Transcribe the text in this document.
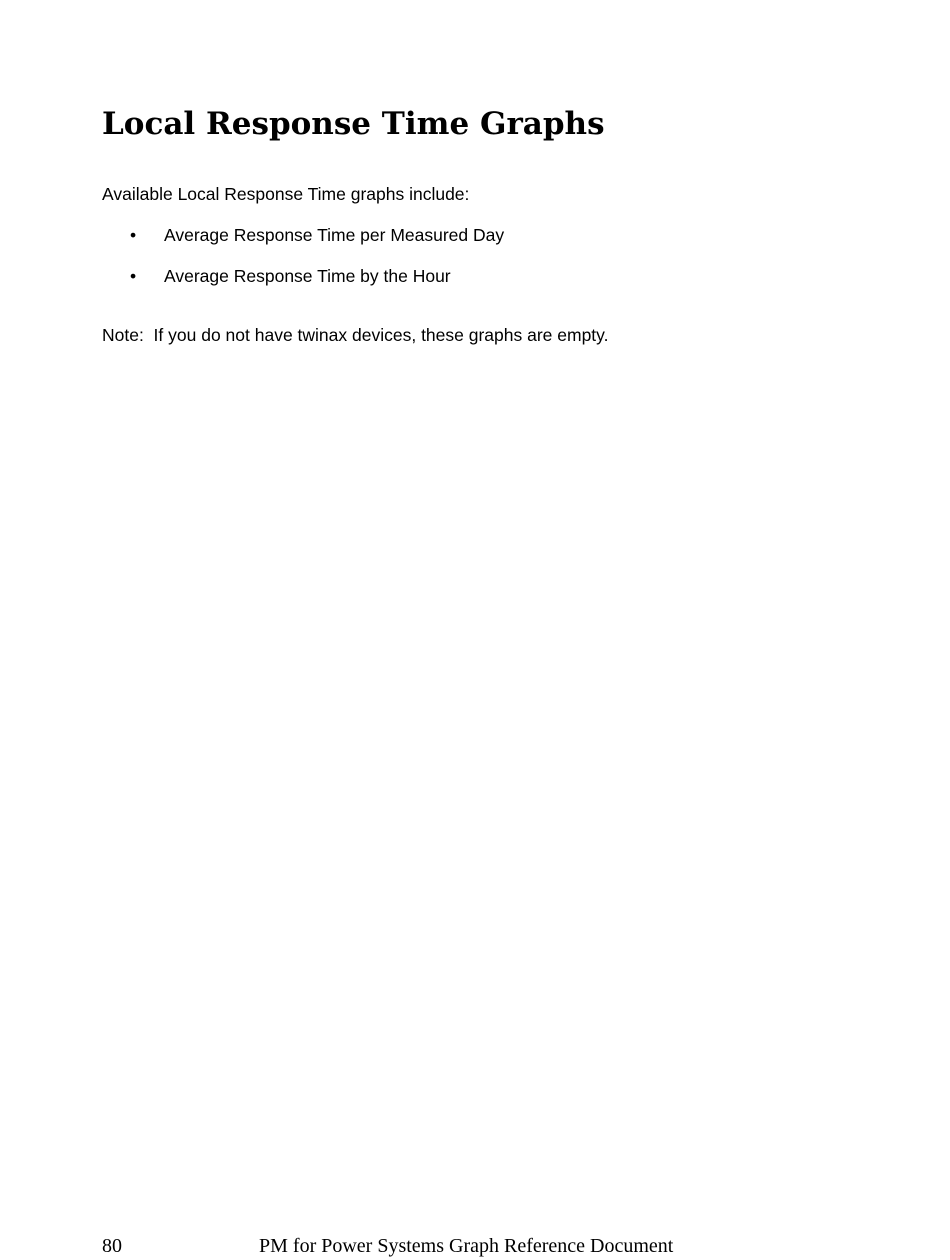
Local Response Time Graphs

Available Local Response Time graphs include:

• Average Response Time per Measured Day
• Average Response Time by the Hour

Note:  If you do not have twinax devices, these graphs are empty.

80	PM for Power Systems Graph Reference Document
